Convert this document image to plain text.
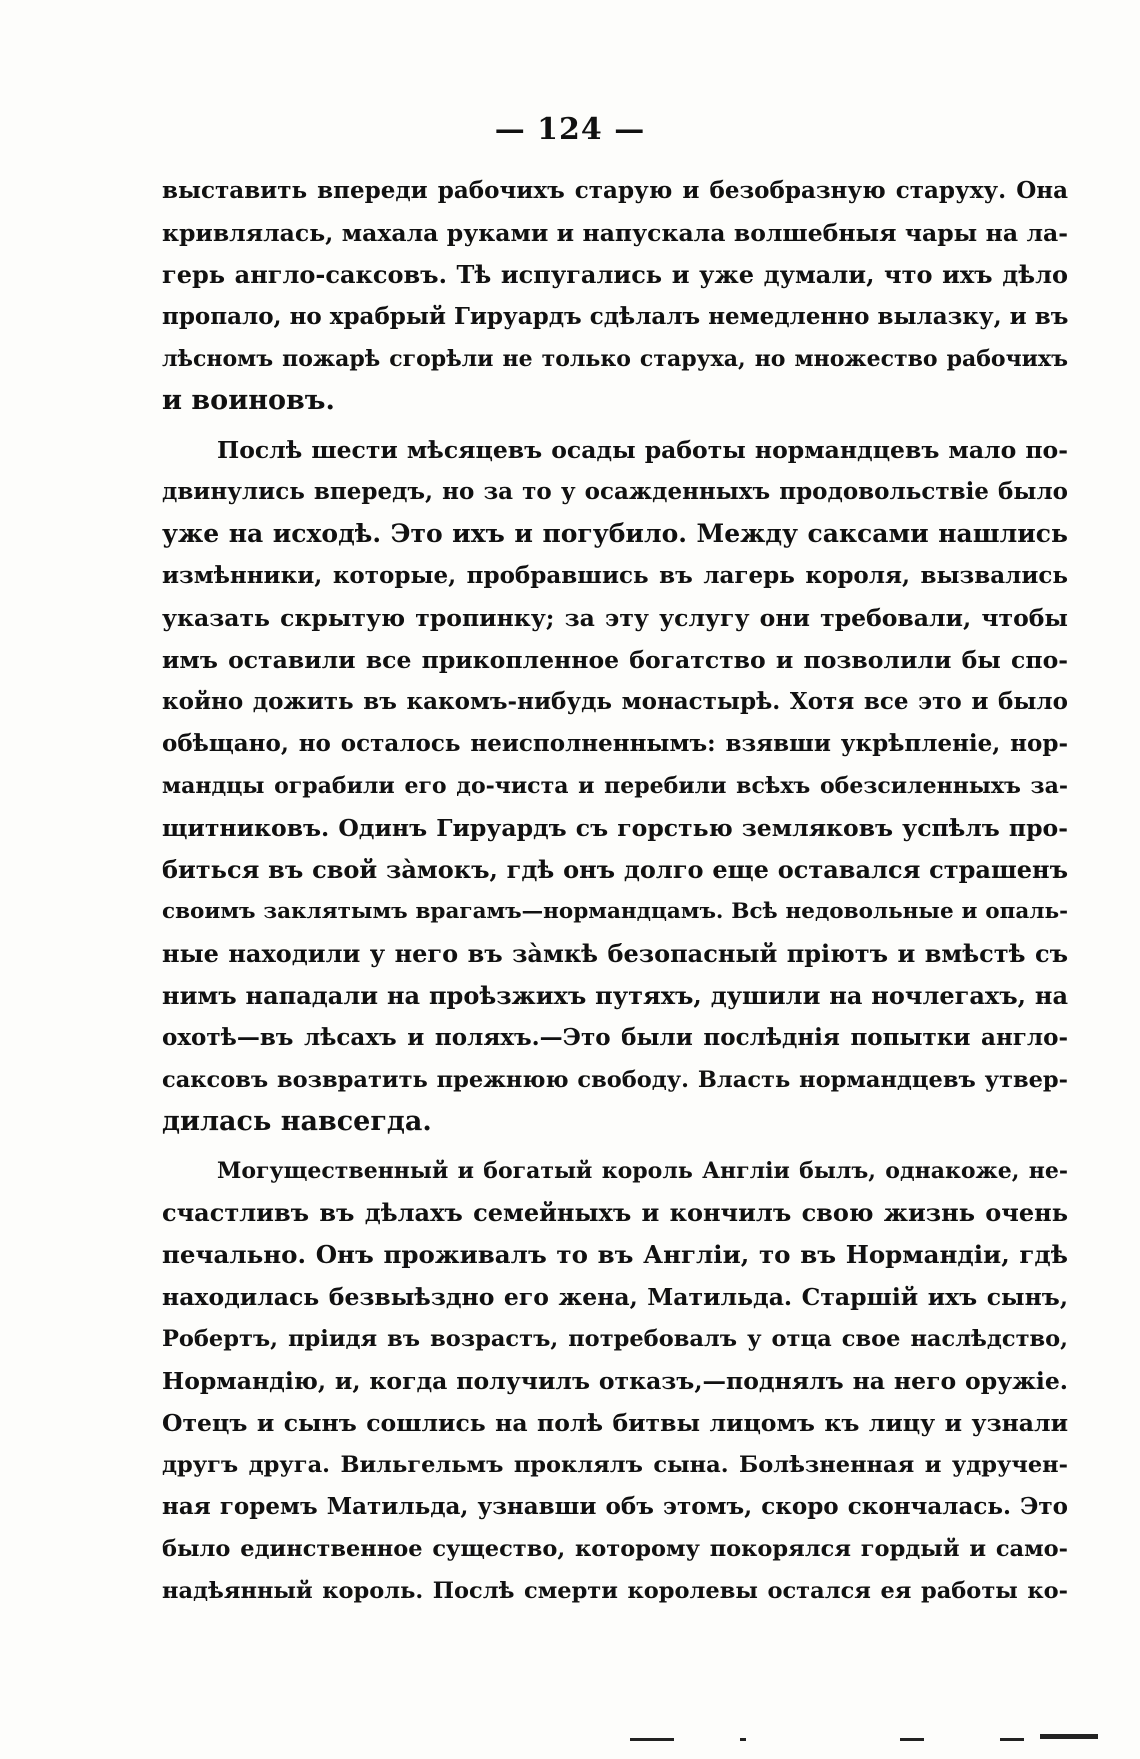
— 124 —
выставить впереди рабочихъ старую и безобразную старуху. Она
кривлялась, махала руками и напускала волшебныя чары на ла-
герь англо-саксовъ. Тѣ испугались и уже думали, что ихъ дѣло
пропало, но храбрый Гируардъ сдѣлалъ немедленно вылазку, и въ
лѣсномъ пожарѣ сгорѣли не только старуха, но множество рабочихъ
и воиновъ.
Послѣ шести мѣсяцевъ осады работы нормандцевъ мало по-
двинулись впередъ, но за то у осажденныхъ продовольствіе было
уже на исходѣ. Это ихъ и погубило. Между саксами нашлись
измѣнники, которые, пробравшись въ лагерь короля, вызвались
указать скрытую тропинку; за эту услугу они требовали, чтобы
имъ оставили все прикопленное богатство и позволили бы спо-
койно дожить въ какомъ-нибудь монастырѣ. Хотя все это и было
обѣщано, но осталось неисполненнымъ: взявши укрѣпленіе, нор-
мандцы ограбили его до-чиста и перебили всѣхъ обезсиленныхъ за-
щитниковъ. Одинъ Гируардъ съ горстью земляковъ успѣлъ про-
биться въ свой зàмокъ, гдѣ онъ долго еще оставался страшенъ
своимъ заклятымъ врагамъ—нормандцамъ. Всѣ недовольные и опаль-
ные находили у него въ зàмкѣ безопасный пріютъ и вмѣстѣ съ
нимъ нападали на проѣзжихъ путяхъ, душили на ночлегахъ, на
охотѣ—въ лѣсахъ и поляхъ.—Это были послѣднія попытки англо-
саксовъ возвратить прежнюю свободу. Власть нормандцевъ утвер-
дилась навсегда.
Могущественный и богатый король Англіи былъ, однакоже, не-
счастливъ въ дѣлахъ семейныхъ и кончилъ свою жизнь очень
печально. Онъ проживалъ то въ Англіи, то въ Нормандіи, гдѣ
находилась безвыѣздно его жена, Матильда. Старшій ихъ сынъ,
Робертъ, пріидя въ возрастъ, потребовалъ у отца свое наслѣдство,
Нормандію, и, когда получилъ отказъ,—поднялъ на него оружіе.
Отецъ и сынъ сошлись на полѣ битвы лицомъ къ лицу и узнали
другъ друга. Вильгельмъ проклялъ сына. Болѣзненная и удручен-
ная горемъ Матильда, узнавши объ этомъ, скоро скончалась. Это
было единственное существо, которому покорялся гордый и само-
надѣянный король. Послѣ смерти королевы остался ея работы ко-
